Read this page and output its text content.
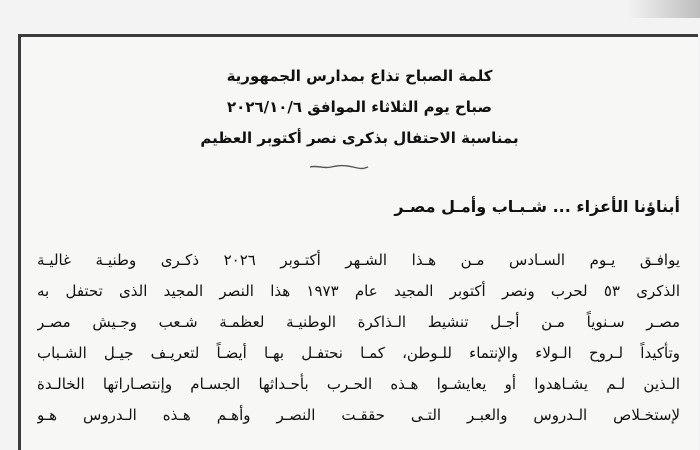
كلمة الصباح تذاع بمدارس الجمهورية
صباح يوم الثلاثاء الموافق ٢٠٢٦/١٠/٦
بمناسبة الاحتفال بذكرى نصر أكتوبر العظيم
أبناؤنا الأعزاء ... شـبـاب وأمـل مصـر
يوافـق يـوم السـادس مـن هـذا الشـهر أكتـوبر ٢٠٢٦ ذكـرى وطنيـة غاليـة
الذكرى ٥٣ لحرب ونصر أكتوبر المجيد عام ١٩٧٣ هذا النصر المجيد الذى تحتفل به
مصـر سـنوياً مـن أجـل تنشيط الـذاكرة الوطنيـة لعظمـة شـعب وجـيش مصـر
وتأكيداً لـروح الـولاء والإنتماء للـوطن، كمـا نحتفـل بهـا أيضـاً لتعريـف جيـل الشـباب
الـذين لـم يشـاهدوا أو يعايشـوا هـذه الحـرب بأحـداثها الجسـام وإنتصـاراتها الخالـدة
لإستخـلاص الـدروس والعبـر التـى حققـت النصـر وأهـم هـذه الـدروس هـو
